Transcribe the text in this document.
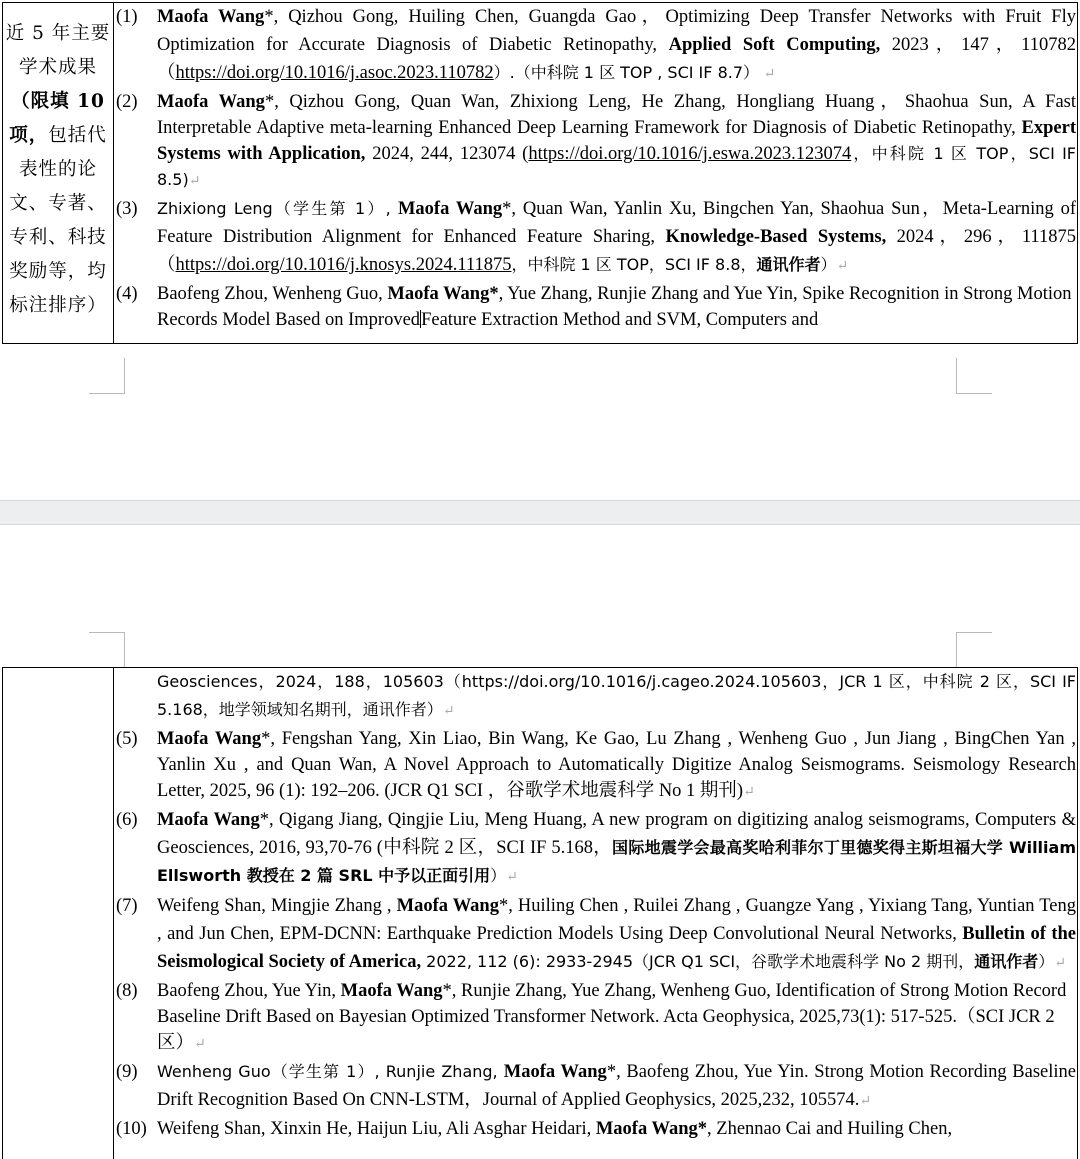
近 5 年主要学术成果（限填 10 项，包括代表性的论文、专著、专利、科技奖励等，均标注排序）
(1) Maofa Wang*, Qizhou Gong, Huiling Chen, Guangda Gao，Optimizing Deep Transfer Networks with Fruit Fly Optimization for Accurate Diagnosis of Diabetic Retinopathy, Applied Soft Computing, 2023，147，110782（https://doi.org/10.1016/j.asoc.2023.110782）.（中科院 1 区 TOP , SCI IF 8.7） ↵
(2) Maofa Wang*, Qizhou Gong, Quan Wan, Zhixiong Leng, He Zhang, Hongliang Huang，Shaohua Sun, A Fast Interpretable Adaptive meta-learning Enhanced Deep Learning Framework for Diagnosis of Diabetic Retinopathy, Expert Systems with Application, 2024, 244, 123074 (https://doi.org/10.1016/j.eswa.2023.123074，中科院 1 区 TOP，SCI IF 8.5)↵
(3) Zhixiong Leng（学生第 1）, Maofa Wang*, Quan Wan, Yanlin Xu, Bingchen Yan, Shaohua Sun，Meta-Learning of Feature Distribution Alignment for Enhanced Feature Sharing, Knowledge-Based Systems, 2024，296，111875（https://doi.org/10.1016/j.knosys.2024.111875，中科院 1 区 TOP，SCI IF 8.8，通讯作者）↵
(4) Baofeng Zhou, Wenheng Guo, Maofa Wang*, Yue Zhang, Runjie Zhang and Yue Yin, Spike Recognition in Strong Motion Records Model Based on ImprovedFeature Extraction Method and SVM, Computers and
Geosciences，2024，188，105603（https://doi.org/10.1016/j.cageo.2024.105603，JCR 1 区，中科院 2 区，SCI IF 5.168，地学领域知名期刊，通讯作者）↵
(5) Maofa Wang*, Fengshan Yang, Xin Liao, Bin Wang, Ke Gao, Lu Zhang , Wenheng Guo , Jun Jiang , BingChen Yan , Yanlin Xu , and Quan Wan, A Novel Approach to Automatically Digitize Analog Seismograms. Seismology Research Letter, 2025, 96 (1): 192–206. (JCR Q1 SCI ，谷歌学术地震科学 No 1 期刊)↵
(6) Maofa Wang*, Qigang Jiang, Qingjie Liu, Meng Huang, A new program on digitizing analog seismograms, Computers & Geosciences, 2016, 93,70-76 (中科院 2 区，SCI IF 5.168，国际地震学会最高奖哈利菲尔丁里德奖得主斯坦福大学 William Ellsworth 教授在 2 篇 SRL 中予以正面引用）↵
(7) Weifeng Shan, Mingjie Zhang , Maofa Wang*, Huiling Chen , Ruilei Zhang , Guangze Yang , Yixiang Tang, Yuntian Teng , and Jun Chen, EPM‑DCNN: Earthquake Prediction Models Using Deep Convolutional Neural Networks, Bulletin of the Seismological Society of America, 2022, 112 (6): 2933-2945（JCR Q1 SCI，谷歌学术地震科学 No 2 期刊，通讯作者）↵
(8) Baofeng Zhou, Yue Yin, Maofa Wang*, Runjie Zhang, Yue Zhang, Wenheng Guo, Identification of Strong Motion Record Baseline Drift Based on Bayesian Optimized Transformer Network. Acta Geophysica, 2025,73(1): 517-525.（SCI JCR 2 区）↵
(9) Wenheng Guo（学生第 1）, Runjie Zhang, Maofa Wang*, Baofeng Zhou, Yue Yin. Strong Motion Recording Baseline Drift Recognition Based On CNN-LSTM，Journal of Applied Geophysics, 2025,232, 105574.↵
(10) Weifeng Shan, Xinxin He, Haijun Liu, Ali Asghar Heidari, Maofa Wang*, Zhennao Cai and Huiling Chen,
